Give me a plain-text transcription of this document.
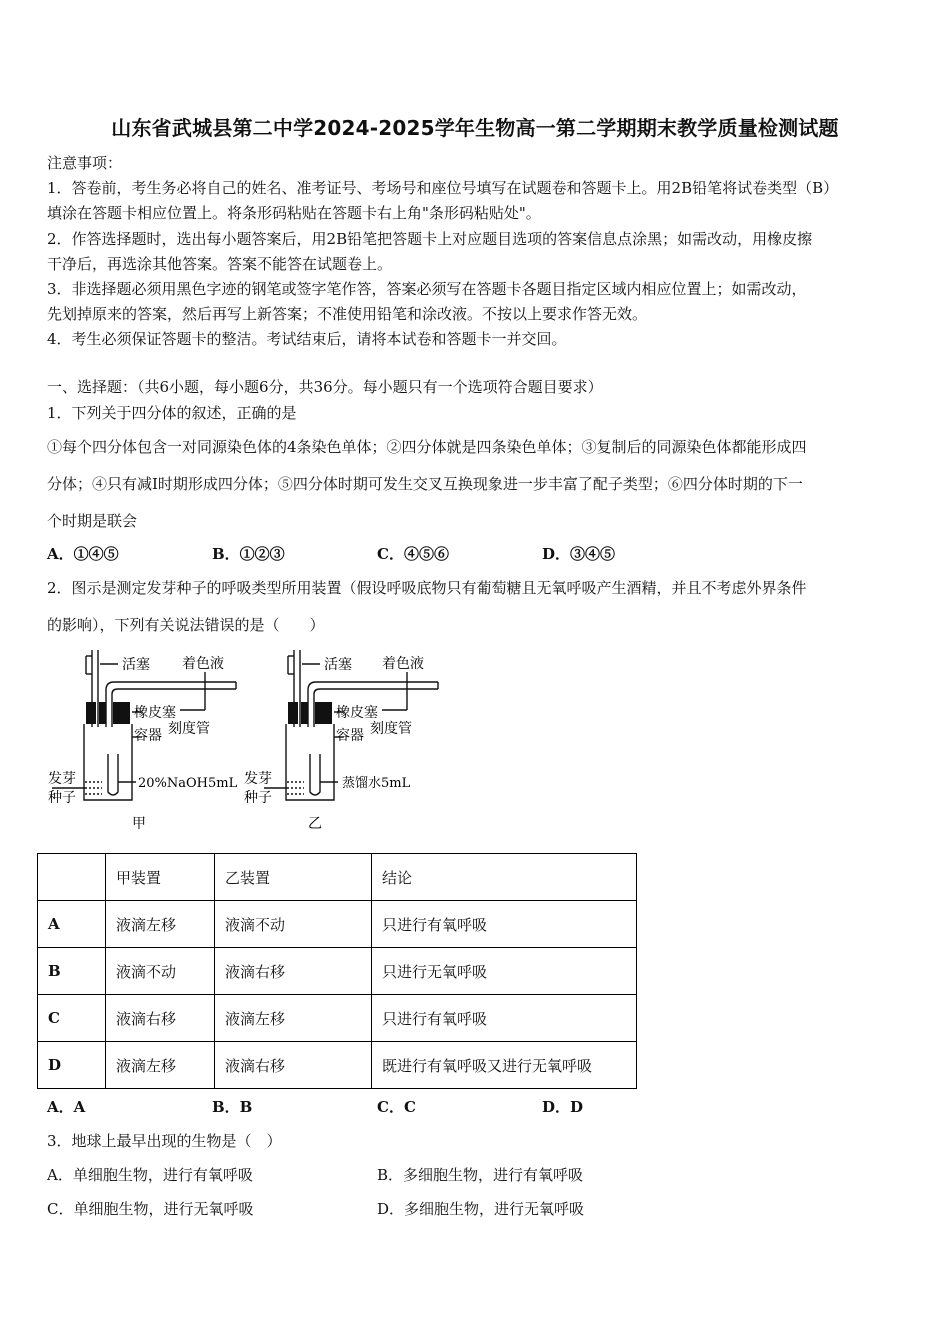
山东省武城县第二中学2024-2025学年生物高一第二学期期末教学质量检测试题
注意事项：
1．答卷前，考生务必将自己的姓名、准考证号、考场号和座位号填写在试题卷和答题卡上。用2B铅笔将试卷类型（B）
填涂在答题卡相应位置上。将条形码粘贴在答题卡右上角"条形码粘贴处"。
2．作答选择题时，选出每小题答案后，用2B铅笔把答题卡上对应题目选项的答案信息点涂黑；如需改动，用橡皮擦
干净后，再选涂其他答案。答案不能答在试题卷上。
3．非选择题必须用黑色字迹的钢笔或签字笔作答，答案必须写在答题卡各题目指定区域内相应位置上；如需改动，
先划掉原来的答案，然后再写上新答案；不准使用铅笔和涂改液。不按以上要求作答无效。
4．考生必须保证答题卡的整洁。考试结束后，请将本试卷和答题卡一并交回。
一、选择题：（共6小题，每小题6分，共36分。每小题只有一个选项符合题目要求）
1．下列关于四分体的叙述，正确的是
①每个四分体包含一对同源染色体的4条染色单体；②四分体就是四条染色单体；③复制后的同源染色体都能形成四
分体；④只有减Ⅰ时期形成四分体；⑤四分体时期可发生交叉互换现象进一步丰富了配子类型；⑥四分体时期的下一
个时期是联会
A．①④⑤	B．①②③	C．④⑤⑥	D．③④⑤
2．图示是测定发芽种子的呼吸类型所用装置（假设呼吸底物只有葡萄糖且无氧呼吸产生酒精，并且不考虑外界条件
的影响），下列有关说法错误的是（　　）
活塞 着色液
橡皮塞
容器 刻度管
发芽
种子
20%NaOH5mL
甲
活塞 着色液
橡皮塞
容器 刻度管
发芽
种子
蒸馏水5mL
乙
	甲装置	乙装置	结论
A	液滴左移	液滴不动	只进行有氧呼吸
B	液滴不动	液滴右移	只进行无氧呼吸
C	液滴右移	液滴左移	只进行有氧呼吸
D	液滴左移	液滴右移	既进行有氧呼吸又进行无氧呼吸
A．A	B．B	C．C	D．D
3．地球上最早出现的生物是（　）
A．单细胞生物，进行有氧呼吸	B．多细胞生物，进行有氧呼吸
C．单细胞生物，进行无氧呼吸	D．多细胞生物，进行无氧呼吸
